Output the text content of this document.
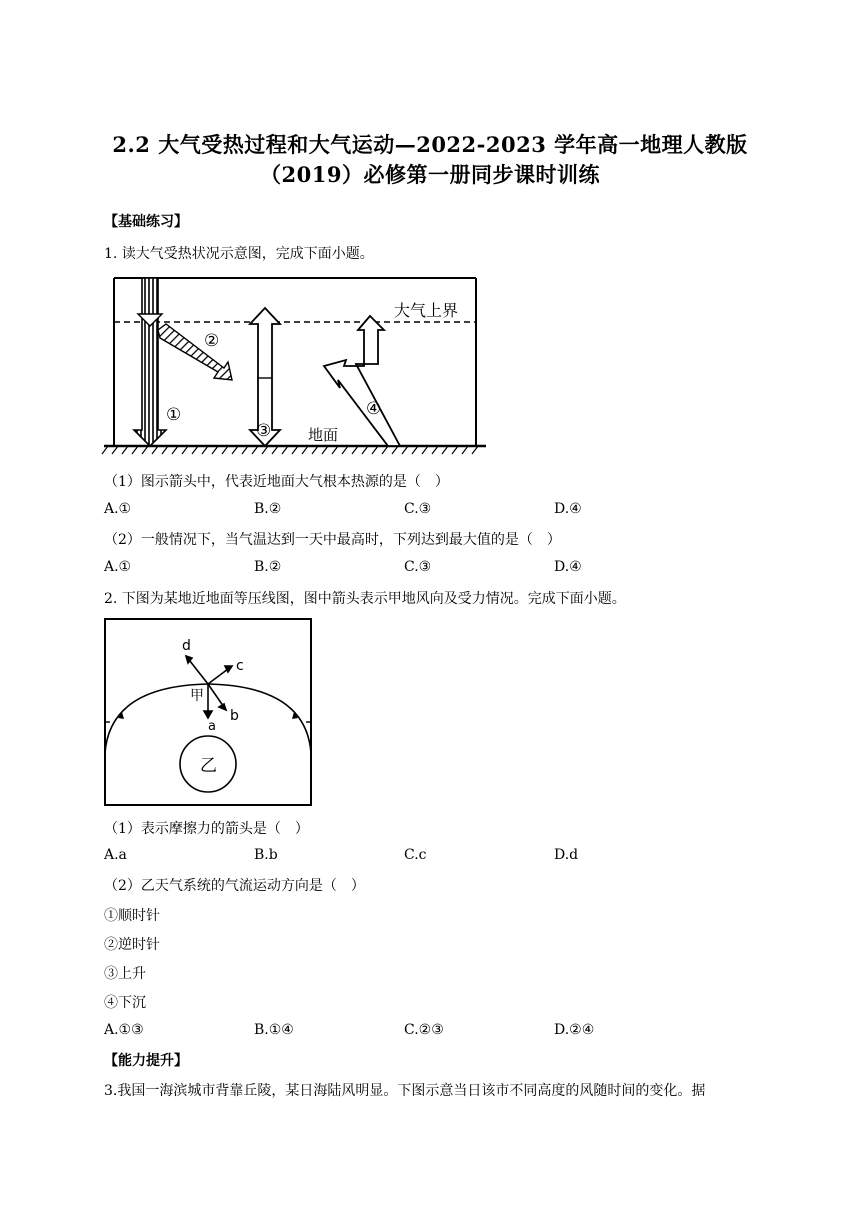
2.2 大气受热过程和大气运动—2022-2023 学年高一地理人教版
（2019）必修第一册同步课时训练
【基础练习】
1. 读大气受热状况示意图，完成下面小题。
大气上界
地面
②
①
③
④
（1）图示箭头中，代表近地面大气根本热源的是（　）
A.①	B.②	C.③	D.④
（2）一般情况下，当气温达到一天中最高时，下列达到最大值的是（　）
A.①	B.②	C.③	D.④
2. 下图为某地近地面等压线图，图中箭头表示甲地风向及受力情况。完成下面小题。
d
c
甲
b
a
乙
（1）表示摩擦力的箭头是（　）
A.a	B.b	C.c	D.d
（2）乙天气系统的气流运动方向是（　）
①顺时针
②逆时针
③上升
④下沉
A.①③	B.①④	C.②③	D.②④
【能力提升】
3.我国一海滨城市背靠丘陵，某日海陆风明显。下图示意当日该市不同高度的风随时间的变化。据
